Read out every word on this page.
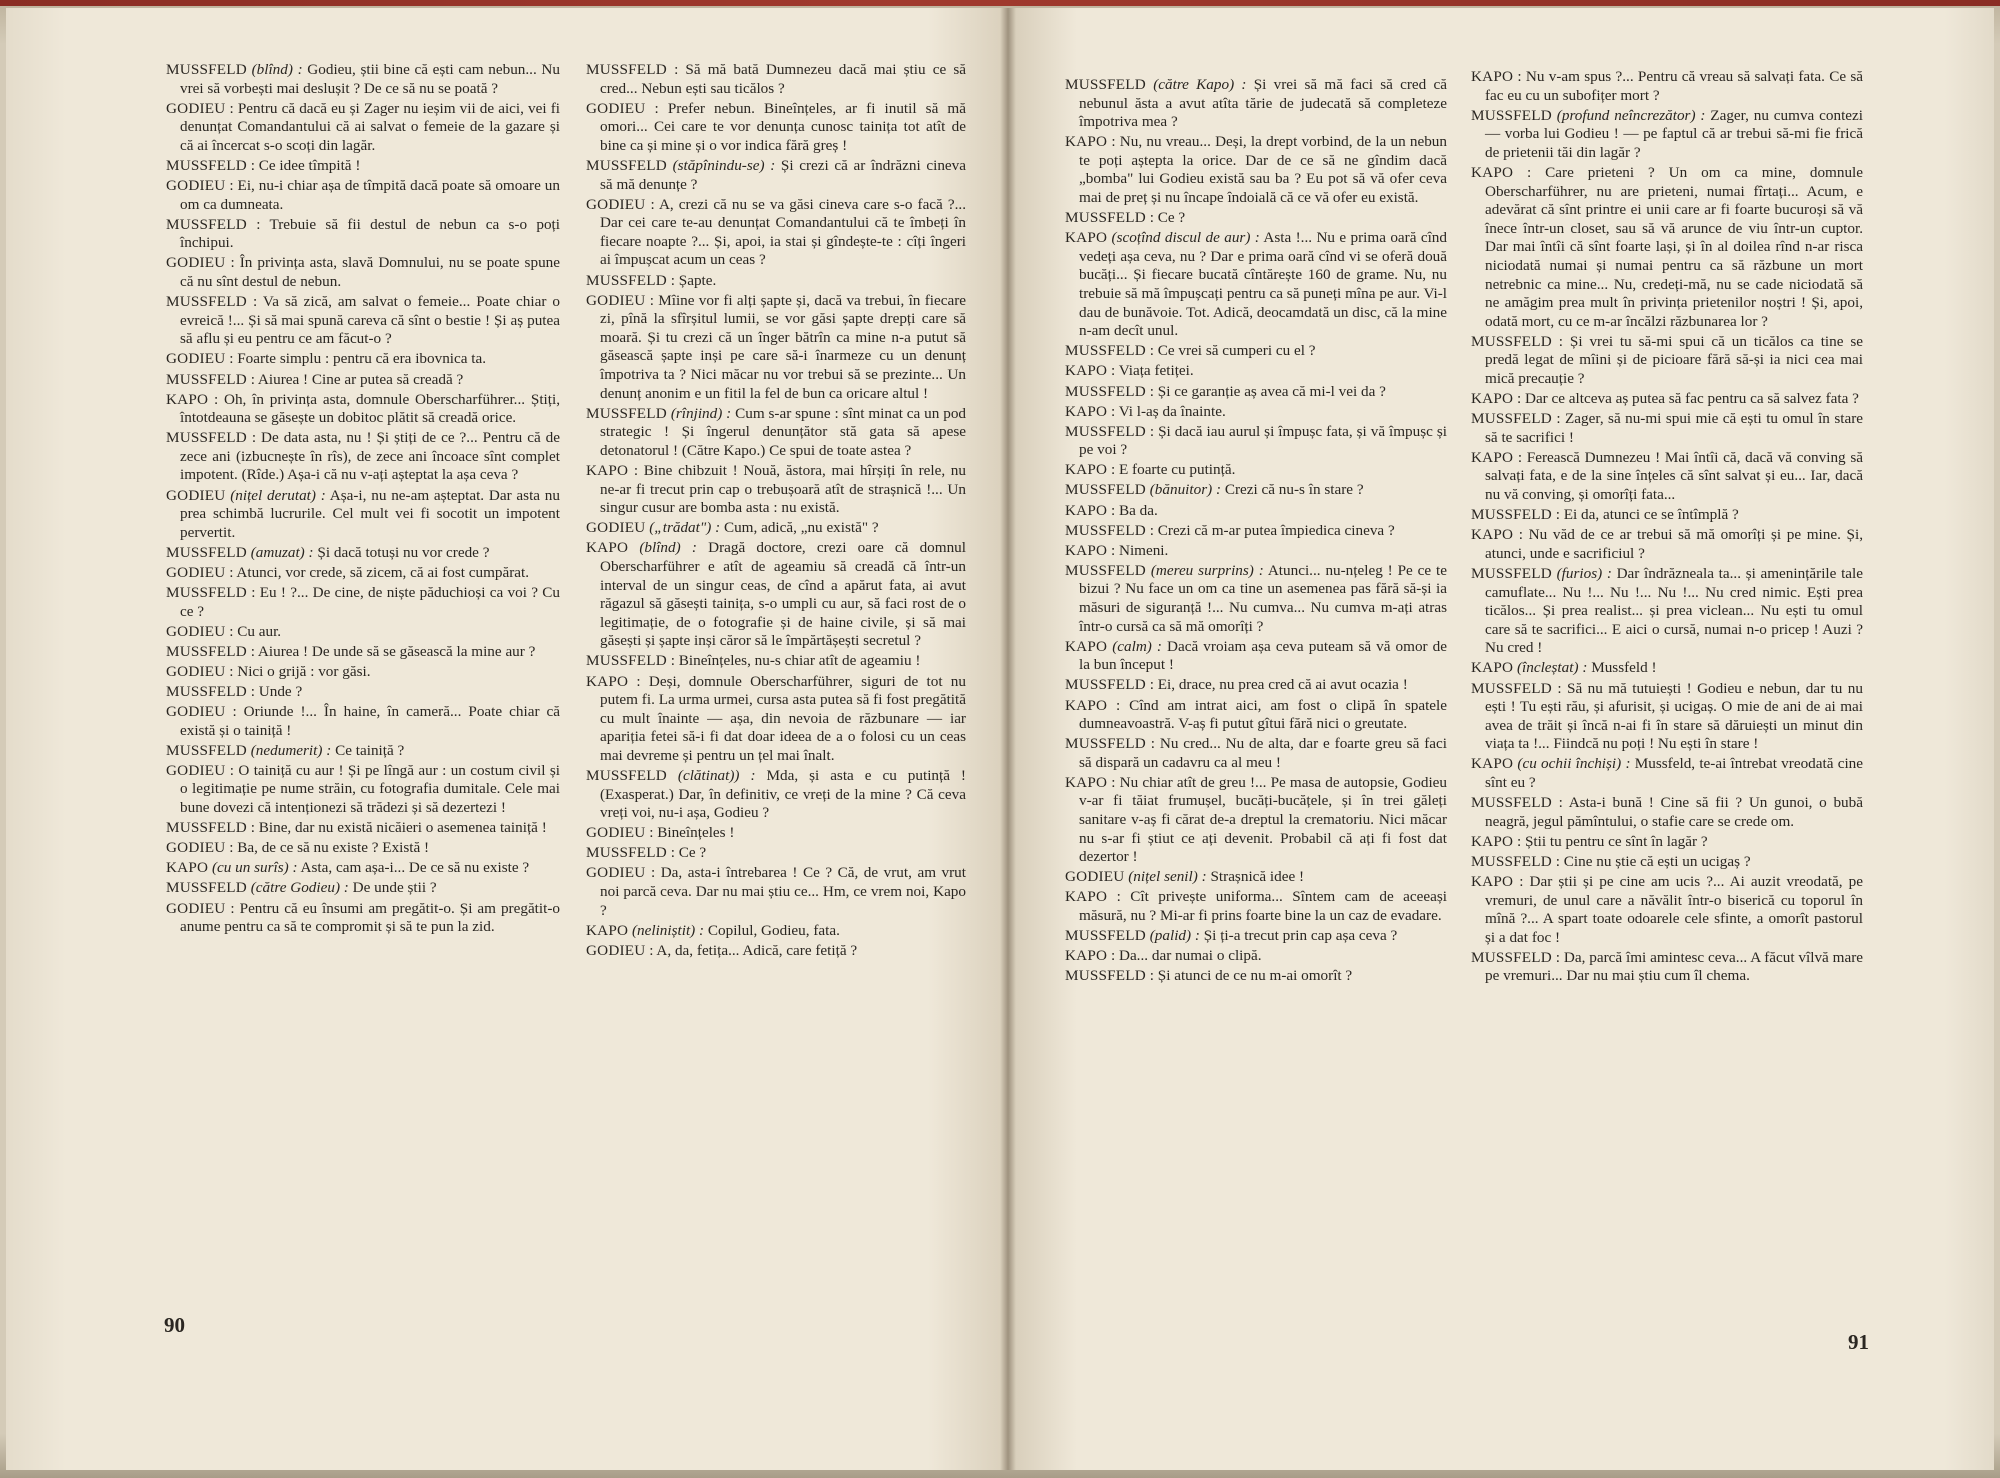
MUSSFELD (blînd) : Godieu, știi bine că ești cam nebun... Nu vrei să vorbești mai deslușit ? De ce să nu se poată ?

GODIEU : Pentru că dacă eu și Zager nu ieșim vii de aici, vei fi denunțat Comandantului că ai salvat o femeie de la gazare și că ai încercat s-o scoți din lagăr.

MUSSFELD : Ce idee tîmpită !

GODIEU : Ei, nu-i chiar așa de tîmpită dacă poate să omoare un om ca dumneata.

MUSSFELD : Trebuie să fii destul de nebun ca s-o poți închipui.

GODIEU : În privința asta, slavă Domnului, nu se poate spune că nu sînt destul de nebun.

MUSSFELD : Va să zică, am salvat o femeie... Poate chiar o evreică !... Și să mai spună careva că sînt o bestie ! Și aș putea să aflu și eu pentru ce am făcut-o ?

GODIEU : Foarte simplu : pentru că era ibovnica ta.

MUSSFELD : Aiurea ! Cine ar putea să creadă ?

KAPO : Oh, în privința asta, domnule Oberscharführer... Știți, întotdeauna se găsește un dobitoc plătit să creadă orice.

MUSSFELD : De data asta, nu ! Și știți de ce ?... Pentru că de zece ani (izbucnește în rîs), de zece ani încoace sînt complet impotent. (Rîde.) Așa-i că nu v-ați așteptat la așa ceva ?

GODIEU (nițel derutat) : Așa-i, nu ne-am așteptat. Dar asta nu prea schimbă lucrurile. Cel mult vei fi socotit un impotent pervertit.

MUSSFELD (amuzat) : Și dacă totuși nu vor crede ?

GODIEU : Atunci, vor crede, să zicem, că ai fost cumpărat.

MUSSFELD : Eu ! ?... De cine, de niște păduchioși ca voi ? Cu ce ?

GODIEU : Cu aur.

MUSSFELD : Aiurea ! De unde să se găsească la mine aur ?

GODIEU : Nici o grijă : vor găsi.

MUSSFELD : Unde ?

GODIEU : Oriunde !... În haine, în cameră... Poate chiar că există și o tainiță !

MUSSFELD (nedumerit) : Ce tainiță ?

GODIEU : O tainiță cu aur ! Și pe lîngă aur : un costum civil și o legitimație pe nume străin, cu fotografia dumitale. Cele mai bune dovezi că intenționezi să trădezi și să dezertezi !

MUSSFELD : Bine, dar nu există nicăieri o asemenea tainiță !

GODIEU : Ba, de ce să nu existe ? Există !

KAPO (cu un surîs) : Asta, cam așa-i... De ce să nu existe ?

MUSSFELD (către Godieu) : De unde știi ?

GODIEU : Pentru că eu însumi am pregătit-o. Și am pregătit-o anume pentru ca să te compromit și să te pun la zid.

MUSSFELD : Să mă bată Dumnezeu dacă mai știu ce să cred... Nebun ești sau ticălos ?

GODIEU : Prefer nebun. Bineînțeles, ar fi inutil să mă omori... Cei care te vor denunța cunosc tainița tot atît de bine ca și mine și o vor indica fără greș !

MUSSFELD (stăpînindu-se) : Și crezi că ar îndrăzni cineva să mă denunțe ?

GODIEU : A, crezi că nu se va găsi cineva care s-o facă ?... Dar cei care te-au denunțat Comandantului că te îmbeți în fiecare noapte ?... Și, apoi, ia stai și gîndește-te : cîți îngeri ai împușcat acum un ceas ?

MUSSFELD : Șapte.

GODIEU : Mîine vor fi alți șapte și, dacă va trebui, în fiecare zi, pînă la sfîrșitul lumii, se vor găsi șapte drepți care să moară. Și tu crezi că un înger bătrîn ca mine n-a putut să găsească șapte inși pe care să-i înarmeze cu un denunț împotriva ta ? Nici măcar nu vor trebui să se prezinte... Un denunț anonim e un fitil la fel de bun ca oricare altul !

MUSSFELD (rînjind) : Cum s-ar spune : sînt minat ca un pod strategic ! Și îngerul denunțător stă gata să apese detonatorul ! (Către Kapo.) Ce spui de toate astea ?

KAPO : Bine chibzuit ! Nouă, ăstora, mai hîrșiți în rele, nu ne-ar fi trecut prin cap o trebușoară atît de strașnică !... Un singur cusur are bomba asta : nu există.

GODIEU („trădat") : Cum, adică, „nu există" ?

KAPO (blînd) : Dragă doctore, crezi oare că domnul Oberscharführer e atît de ageamiu să creadă că într-un interval de un singur ceas, de cînd a apărut fata, ai avut răgazul să găsești tainița, s-o umpli cu aur, să faci rost de o legitimație, de o fotografie și de haine civile, și să mai găsești și șapte inși căror să le împărtășești secretul ?

MUSSFELD : Bineînțeles, nu-s chiar atît de ageamiu !

KAPO : Deși, domnule Oberscharführer, siguri de tot nu putem fi. La urma urmei, cursa asta putea să fi fost pregătită cu mult înainte — așa, din nevoia de răzbunare — iar apariția fetei să-i fi dat doar ideea de a o folosi cu un ceas mai devreme și pentru un țel mai înalt.

MUSSFELD (clătinat)) : Mda, și asta e cu putință ! (Exasperat.) Dar, în definitiv, ce vreți de la mine ? Că ceva vreți voi, nu-i așa, Godieu ?

GODIEU : Bineînțeles !

MUSSFELD : Ce ?

GODIEU : Da, asta-i întrebarea ! Ce ? Că, de vrut, am vrut noi parcă ceva. Dar nu mai știu ce... Hm, ce vrem noi, Kapo ?

KAPO (neliniștit) : Copilul, Godieu, fata.

GODIEU : A, da, fetița... Adică, care fetiță ?

90

MUSSFELD (către Kapo) : Și vrei să mă faci să cred că nebunul ăsta a avut atîta tărie de judecată să completeze împotriva mea ?

KAPO : Nu, nu vreau... Deși, la drept vorbind, de la un nebun te poți aștepta la orice. Dar de ce să ne gîndim dacă „bomba" lui Godieu există sau ba ? Eu pot să vă ofer ceva mai de preț și nu încape îndoială că ce vă ofer eu există.

MUSSFELD : Ce ?

KAPO (scoțînd discul de aur) : Asta !... Nu e prima oară cînd vedeți așa ceva, nu ? Dar e prima oară cînd vi se oferă două bucăți... Și fiecare bucată cîntărește 160 de grame. Nu, nu trebuie să mă împușcați pentru ca să puneți mîna pe aur. Vi-l dau de bunăvoie. Tot. Adică, deocamdată un disc, că la mine n-am decît unul.

MUSSFELD : Ce vrei să cumperi cu el ?

KAPO : Viața fetiței.

MUSSFELD : Și ce garanție aș avea că mi-l vei da ?

KAPO : Vi l-aș da înainte.

MUSSFELD : Și dacă iau aurul și împușc fata, și vă împușc și pe voi ?

KAPO : E foarte cu putință.

MUSSFELD (bănuitor) : Crezi că nu-s în stare ?

KAPO : Ba da.

MUSSFELD : Crezi că m-ar putea împiedica cineva ?

KAPO : Nimeni.

MUSSFELD (mereu surprins) : Atunci... nu-nțeleg ! Pe ce te bizui ? Nu face un om ca tine un asemenea pas fără să-și ia măsuri de siguranță !... Nu cumva... Nu cumva m-ați atras într-o cursă ca să mă omorîți ?

KAPO (calm) : Dacă vroiam așa ceva puteam să vă omor de la bun început !

MUSSFELD : Ei, drace, nu prea cred că ai avut ocazia !

KAPO : Cînd am intrat aici, am fost o clipă în spatele dumneavoastră. V-aș fi putut gîtui fără nici o greutate.

MUSSFELD : Nu cred... Nu de alta, dar e foarte greu să faci să dispară un cadavru ca al meu !

KAPO : Nu chiar atît de greu !... Pe masa de autopsie, Godieu v-ar fi tăiat frumușel, bucăți-bucățele, și în trei găleți sanitare v-aș fi cărat de-a dreptul la crematoriu. Nici măcar nu s-ar fi știut ce ați devenit. Probabil că ați fi fost dat dezertor !

GODIEU (nițel senil) : Strașnică idee !

KAPO : Cît privește uniforma... Sîntem cam de aceeași măsură, nu ? Mi-ar fi prins foarte bine la un caz de evadare.

MUSSFELD (palid) : Și ți-a trecut prin cap așa ceva ?

KAPO : Da... dar numai o clipă.

MUSSFELD : Și atunci de ce nu m-ai omorît ?

KAPO : Nu v-am spus ?... Pentru că vreau să salvați fata. Ce să fac eu cu un subofițer mort ?

MUSSFELD (profund neîncrezător) : Zager, nu cumva contezi — vorba lui Godieu ! — pe faptul că ar trebui să-mi fie frică de prietenii tăi din lagăr ?

KAPO : Care prieteni ? Un om ca mine, domnule Oberscharführer, nu are prieteni, numai fîrtați... Acum, e adevărat că sînt printre ei unii care ar fi foarte bucuroși să vă înece într-un closet, sau să vă arunce de viu într-un cuptor. Dar mai întîi că sînt foarte lași, și în al doilea rînd n-ar risca niciodată numai și numai pentru ca să răzbune un mort netrebnic ca mine... Nu, credeți-mă, nu se cade niciodată să ne amăgim prea mult în privința prietenilor noștri ! Și, apoi, odată mort, cu ce m-ar încălzi răzbunarea lor ?

MUSSFELD : Și vrei tu să-mi spui că un ticălos ca tine se predă legat de mîini și de picioare fără să-și ia nici cea mai mică precauție ?

KAPO : Dar ce altceva aș putea să fac pentru ca să salvez fata ?

MUSSFELD : Zager, să nu-mi spui mie că ești tu omul în stare să te sacrifici !

KAPO : Ferească Dumnezeu ! Mai întîi că, dacă vă conving să salvați fata, e de la sine înțeles că sînt salvat și eu... Iar, dacă nu vă conving, și omorîți fata...

MUSSFELD : Ei da, atunci ce se întîmplă ?

KAPO : Nu văd de ce ar trebui să mă omorîți și pe mine. Și, atunci, unde e sacrificiul ?

MUSSFELD (furios) : Dar îndrăzneala ta... și amenințările tale camuflate... Nu !... Nu !... Nu !... Nu cred nimic. Ești prea ticălos... Și prea realist... și prea viclean... Nu ești tu omul care să te sacrifici... E aici o cursă, numai n-o pricep ! Auzi ? Nu cred !

KAPO (încleștat) : Mussfeld !

MUSSFELD : Să nu mă tutuiești ! Godieu e nebun, dar tu nu ești ! Tu ești rău, și afurisit, și ucigaș. O mie de ani de ai mai avea de trăit și încă n-ai fi în stare să dăruiești un minut din viața ta !... Fiindcă nu poți ! Nu ești în stare !

KAPO (cu ochii închiși) : Mussfeld, te-ai întrebat vreodată cine sînt eu ?

MUSSFELD : Asta-i bună ! Cine să fii ? Un gunoi, o bubă neagră, jegul pămîntului, o stafie care se crede om.

KAPO : Știi tu pentru ce sînt în lagăr ?

MUSSFELD : Cine nu știe că ești un ucigaș ?

KAPO : Dar știi și pe cine am ucis ?... Ai auzit vreodată, pe vremuri, de unul care a năvălit într-o biserică cu toporul în mînă ?... A spart toate odoarele cele sfinte, a omorît pastorul și a dat foc !

MUSSFELD : Da, parcă îmi amintesc ceva... A făcut vîlvă mare pe vremuri... Dar nu mai știu cum îl chema.

91
